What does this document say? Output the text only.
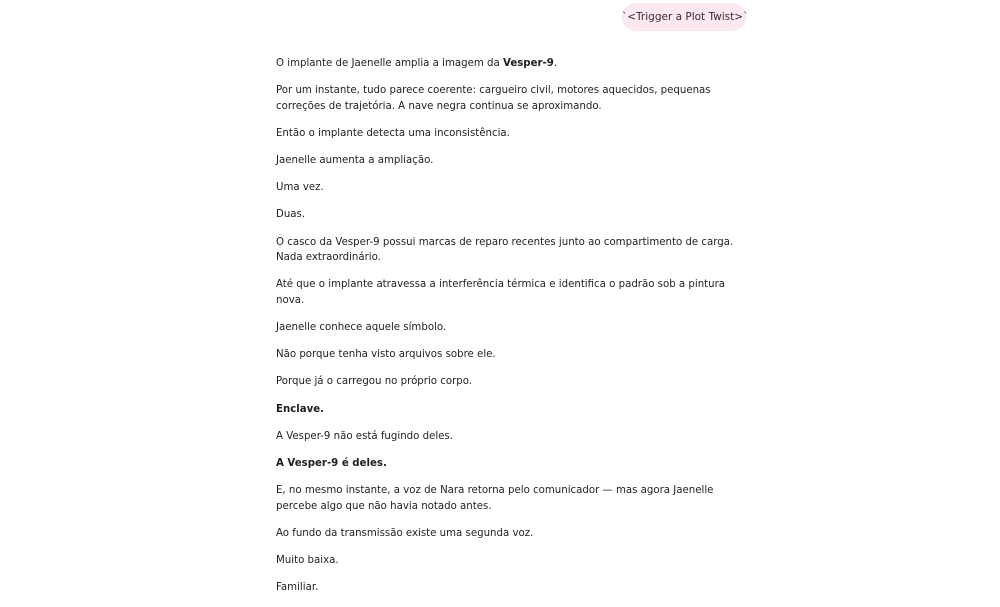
`<Trigger a Plot Twist>`

O implante de Jaenelle amplia a imagem da Vesper-9.

Por um instante, tudo parece coerente: cargueiro civil, motores aquecidos, pequenas correções de trajetória. A nave negra continua se aproximando.

Então o implante detecta uma inconsistência.

Jaenelle aumenta a ampliação.

Uma vez.

Duas.

O casco da Vesper-9 possui marcas de reparo recentes junto ao compartimento de carga. Nada extraordinário.

Até que o implante atravessa a interferência térmica e identifica o padrão sob a pintura nova.

Jaenelle conhece aquele símbolo.

Não porque tenha visto arquivos sobre ele.

Porque já o carregou no próprio corpo.

Enclave.

A Vesper-9 não está fugindo deles.

A Vesper-9 é deles.

E, no mesmo instante, a voz de Nara retorna pelo comunicador — mas agora Jaenelle percebe algo que não havia notado antes.

Ao fundo da transmissão existe uma segunda voz.

Muito baixa.

Familiar.
